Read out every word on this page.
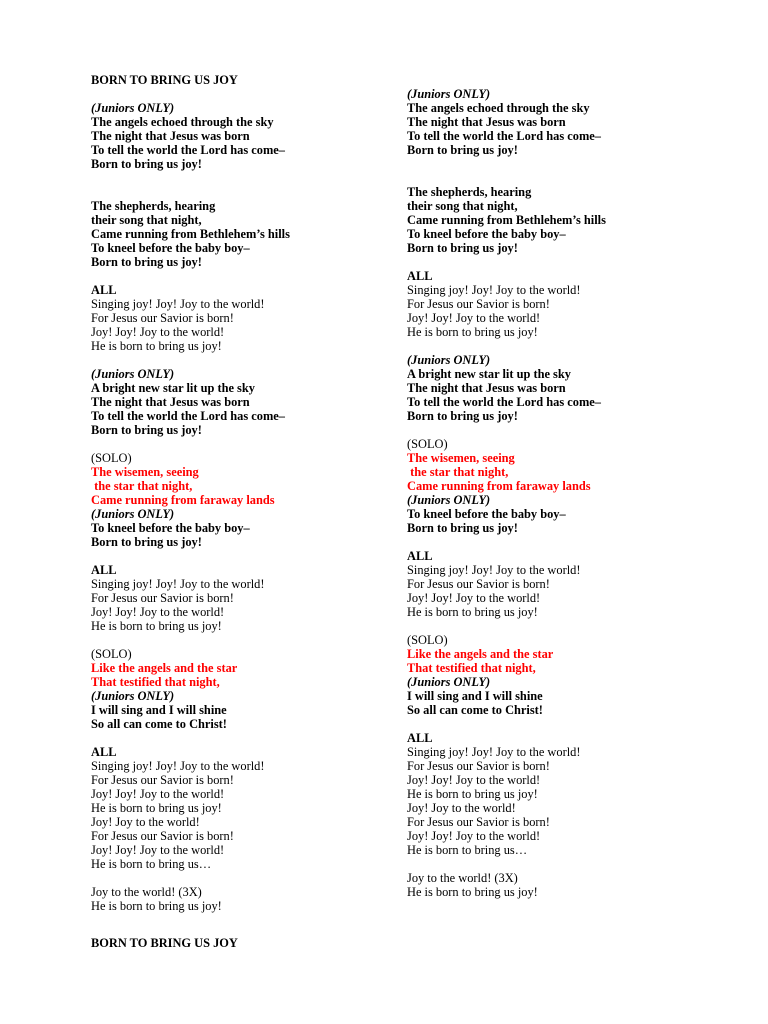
BORN TO BRING US JOY
(Juniors ONLY)
The angels echoed through the sky
The night that Jesus was born
To tell the world the Lord has come–
Born to bring us joy!
The shepherds, hearing
their song that night,
Came running from Bethlehem’s hills
To kneel before the baby boy–
Born to bring us joy!
ALL
Singing joy! Joy! Joy to the world!
For Jesus our Savior is born!
Joy! Joy! Joy to the world!
He is born to bring us joy!
(Juniors ONLY)
A bright new star lit up the sky
The night that Jesus was born
To tell the world the Lord has come–
Born to bring us joy!
(SOLO)
The wisemen, seeing
the star that night,
Came running from faraway lands
(Juniors ONLY)
To kneel before the baby boy–
Born to bring us joy!
ALL
Singing joy! Joy! Joy to the world!
For Jesus our Savior is born!
Joy! Joy! Joy to the world!
He is born to bring us joy!
(SOLO)
Like the angels and the star
That testified that night,
(Juniors ONLY)
I will sing and I will shine
So all can come to Christ!
ALL
Singing joy! Joy! Joy to the world!
For Jesus our Savior is born!
Joy! Joy! Joy to the world!
He is born to bring us joy!
Joy! Joy to the world!
For Jesus our Savior is born!
Joy! Joy! Joy to the world!
He is born to bring us…
Joy to the world! (3X)
He is born to bring us joy!
(Juniors ONLY)
The angels echoed through the sky
The night that Jesus was born
To tell the world the Lord has come–
Born to bring us joy!
The shepherds, hearing
their song that night,
Came running from Bethlehem’s hills
To kneel before the baby boy–
Born to bring us joy!
ALL
Singing joy! Joy! Joy to the world!
For Jesus our Savior is born!
Joy! Joy! Joy to the world!
He is born to bring us joy!
(Juniors ONLY)
A bright new star lit up the sky
The night that Jesus was born
To tell the world the Lord has come–
Born to bring us joy!
(SOLO)
The wisemen, seeing
the star that night,
Came running from faraway lands
(Juniors ONLY)
To kneel before the baby boy–
Born to bring us joy!
ALL
Singing joy! Joy! Joy to the world!
For Jesus our Savior is born!
Joy! Joy! Joy to the world!
He is born to bring us joy!
(SOLO)
Like the angels and the star
That testified that night,
(Juniors ONLY)
I will sing and I will shine
So all can come to Christ!
ALL
Singing joy! Joy! Joy to the world!
For Jesus our Savior is born!
Joy! Joy! Joy to the world!
He is born to bring us joy!
Joy! Joy to the world!
For Jesus our Savior is born!
Joy! Joy! Joy to the world!
He is born to bring us…
Joy to the world! (3X)
He is born to bring us joy!
BORN TO BRING US JOY
